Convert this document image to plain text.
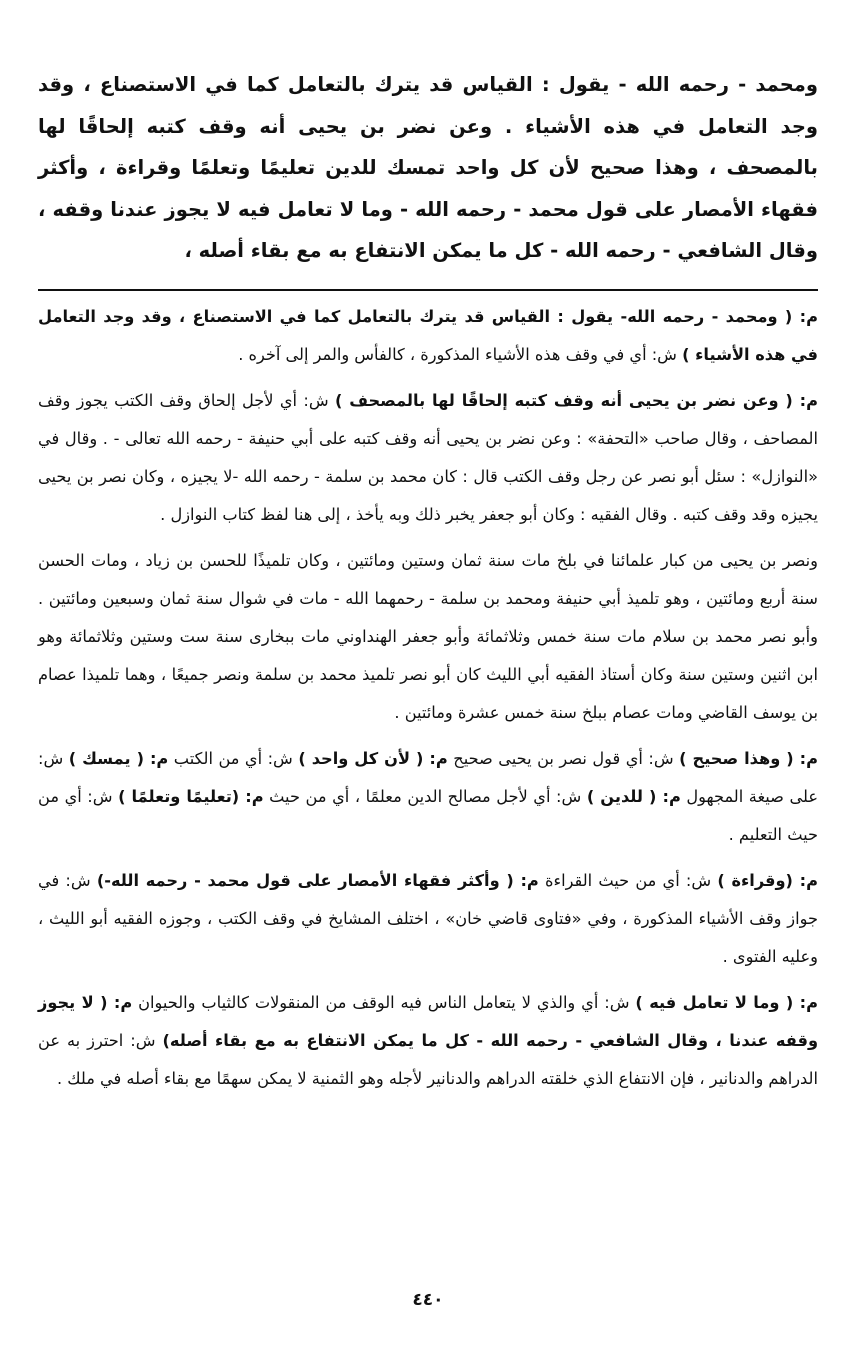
ومحمد - رحمه الله - يقول : القياس قد يترك بالتعامل كما في الاستصناع ، وقد وجد التعامل في هذه الأشياء . وعن نضر بن يحيى أنه وقف كتبه إلحاقًا لها بالمصحف ، وهذا صحيح لأن كل واحد تمسك للدين تعليمًا وتعلمًا وقراءة ، وأكثر فقهاء الأمصار على قول محمد - رحمه الله - وما لا تعامل فيه لا يجوز عندنا وقفه ، وقال الشافعي - رحمه الله - كل ما يمكن الانتفاع به مع بقاء أصله ،

م: ( ومحمد - رحمه الله- يقول : القياس قد يترك بالتعامل كما في الاستصناع ، وقد وجد التعامل في هذه الأشياء ) ش: أي في وقف هذه الأشياء المذكورة ، كالفأس والمر إلى آخره .

م: ( وعن نضر بن يحيى أنه وقف كتبه إلحاقًا لها بالمصحف ) ش: أي لأجل إلحاق وقف الكتب يجوز وقف المصاحف ، وقال صاحب «التحفة» : وعن نضر بن يحيى أنه وقف كتبه على أبي حنيفة - رحمه الله تعالى - . وقال في «النوازل» : سئل أبو نصر عن رجل وقف الكتب قال : كان محمد بن سلمة - رحمه الله -لا يجيزه ، وكان نصر بن يحيى يجيزه وقد وقف كتبه . وقال الفقيه : وكان أبو جعفر يخبر ذلك وبه يأخذ ، إلى هنا لفظ كتاب النوازل .

ونصر بن يحيى من كبار علمائنا في بلخ مات سنة ثمان وستين ومائتين ، وكان تلميذًا للحسن بن زياد ، ومات الحسن سنة أربع ومائتين ، وهو تلميذ أبي حنيفة ومحمد بن سلمة - رحمهما الله - مات في شوال سنة ثمان وسبعين ومائتين . وأبو نصر محمد بن سلام مات سنة خمس وثلاثمائة وأبو جعفر الهنداوني مات ببخارى سنة ست وستين وثلاثمائة وهو ابن اثنين وستين سنة وكان أستاذ الفقيه أبي الليث كان أبو نصر تلميذ محمد بن سلمة ونصر جميعًا ، وهما تلميذا عصام بن يوسف القاضي ومات عصام ببلخ سنة خمس عشرة ومائتين .

م: ( وهذا صحيح ) ش: أي قول نصر بن يحيى صحيح م: ( لأن كل واحد ) ش: أي من الكتب م: ( يمسك ) ش: على صيغة المجهول م: ( للدين ) ش: أي لأجل مصالح الدين معلمًا ، أي من حيث م: (تعليمًا وتعلمًا ) ش: أي من حيث التعليم .

م: (وقراءة ) ش: أي من حيث القراءة م: ( وأكثر فقهاء الأمصار على قول محمد - رحمه الله-) ش: في جواز وقف الأشياء المذكورة ، وفي «فتاوى قاضي خان» ، اختلف المشايخ في وقف الكتب ، وجوزه الفقيه أبو الليث ، وعليه الفتوى .

م: ( وما لا تعامل فيه ) ش: أي والذي لا يتعامل الناس فيه الوقف من المنقولات كالثياب والحيوان م: ( لا يجوز وقفه عندنا ، وقال الشافعي - رحمه الله - كل ما يمكن الانتفاع به مع بقاء أصله) ش: احترز به عن الدراهم والدنانير ، فإن الانتفاع الذي خلقته الدراهم والدنانير لأجله وهو الثمنية لا يمكن سهمًا مع بقاء أصله في ملك .

٤٤٠
